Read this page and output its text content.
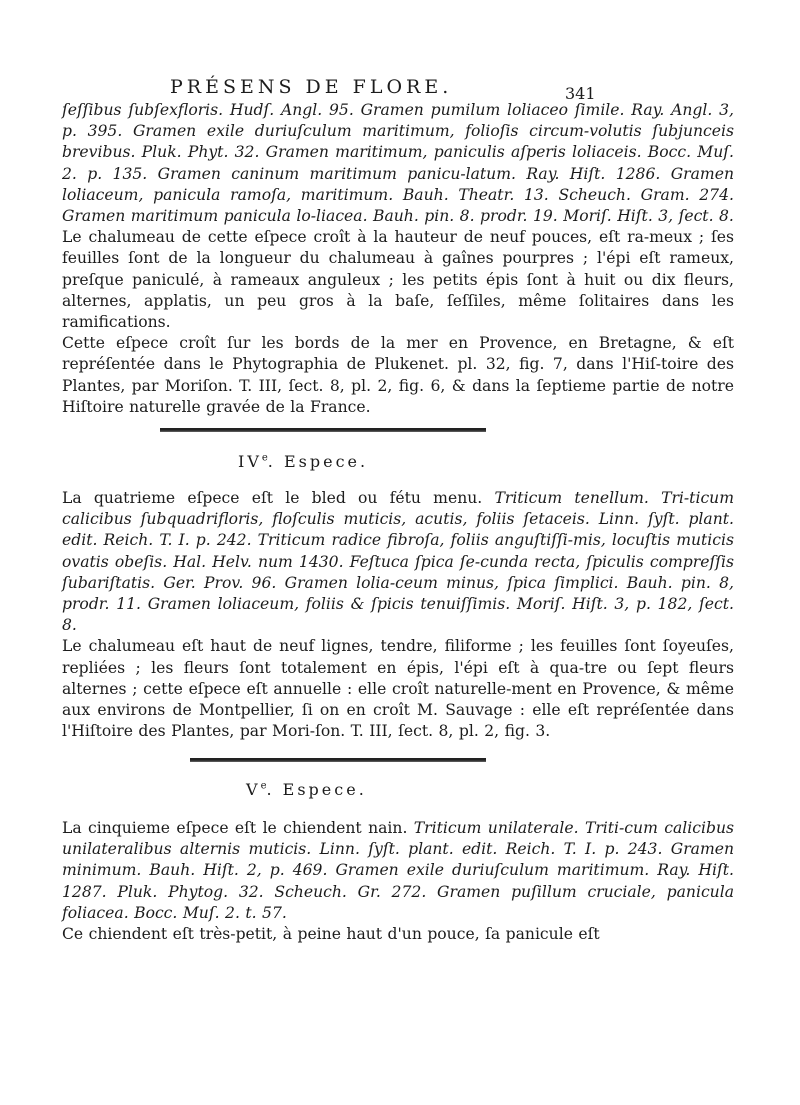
PRÉSENS DE FLORE.	341

ſeſſibus ſubſexfloris. Hudſ. Angl. 95. Gramen pumilum loliaceo ſimile. Ray. Angl. 3, p. 395. Gramen exile duriuſculum maritimum, folioſis circum-volutis ſubjunceis brevibus. Pluk. Phyt. 32. Gramen maritimum, paniculis aſperis loliaceis. Bocc. Muſ. 2. p. 135. Gramen caninum maritimum panicu-latum. Ray. Hiſt. 1286. Gramen loliaceum, panicula ramoſa, maritimum. Bauh. Theatr. 13. Scheuch. Gram. 274. Gramen maritimum panicula lo-liacea. Bauh. pin. 8. prodr. 19. Moriſ. Hiſt. 3, ſect. 8.

Le chalumeau de cette eſpece croît à la hauteur de neuf pouces, eſt ra-meux ; ſes feuilles ſont de la longueur du chalumeau à gaînes pourpres ; l'épi eſt rameux, preſque paniculé, à rameaux anguleux ; les petits épis ſont à huit ou dix fleurs, alternes, applatis, un peu gros à la baſe, ſeſſiles, même ſolitaires dans les ramifications.

Cette eſpece croît ſur les bords de la mer en Provence, en Bretagne, & eſt repréſentée dans le Phytographia de Plukenet. pl. 32, fig. 7, dans l'Hiſ-toire des Plantes, par Moriſon. T. III, ſect. 8, pl. 2, fig. 6, & dans la ſeptieme partie de notre Hiſtoire naturelle gravée de la France.

IVe. Espece.

La quatrieme eſpece eſt le bled ou fétu menu. Triticum tenellum. Tri-ticum calicibus ſubquadrifloris, floſculis muticis, acutis, foliis ſetaceis. Linn. ſyſt. plant. edit. Reich. T. I. p. 242. Triticum radice fibroſa, foliis anguſtiſſi-mis, locuſtis muticis ovatis obeſis. Hal. Helv. num 1430. Feſtuca ſpica ſe-cunda recta, ſpiculis compreſſis ſubariſtatis. Ger. Prov. 96. Gramen lolia-ceum minus, ſpica ſimplici. Bauh. pin. 8, prodr. 11. Gramen loliaceum, foliis & ſpicis tenuiſſimis. Moriſ. Hiſt. 3, p. 182, ſect. 8.

Le chalumeau eſt haut de neuf lignes, tendre, filiforme ; les feuilles ſont ſoyeuſes, repliées ; les fleurs ſont totalement en épis, l'épi eſt à qua-tre ou ſept fleurs alternes ; cette eſpece eſt annuelle : elle croît naturelle-ment en Provence, & même aux environs de Montpellier, ſi on en croît M. Sauvage : elle eſt repréſentée dans l'Hiſtoire des Plantes, par Mori-ſon. T. III, ſect. 8, pl. 2, fig. 3.

Ve. Espece.

La cinquieme eſpece eſt le chiendent nain. Triticum unilaterale. Triti-cum calicibus unilateralibus alternis muticis. Linn. ſyſt. plant. edit. Reich. T. I. p. 243. Gramen minimum. Bauh. Hiſt. 2, p. 469. Gramen exile duriuſculum maritimum. Ray. Hiſt. 1287. Pluk. Phytog. 32. Scheuch. Gr. 272. Gramen puſillum cruciale, panicula foliacea. Bocc. Muſ. 2. t. 57.

Ce chiendent eſt très-petit, à peine haut d'un pouce, ſa panicule eſt
